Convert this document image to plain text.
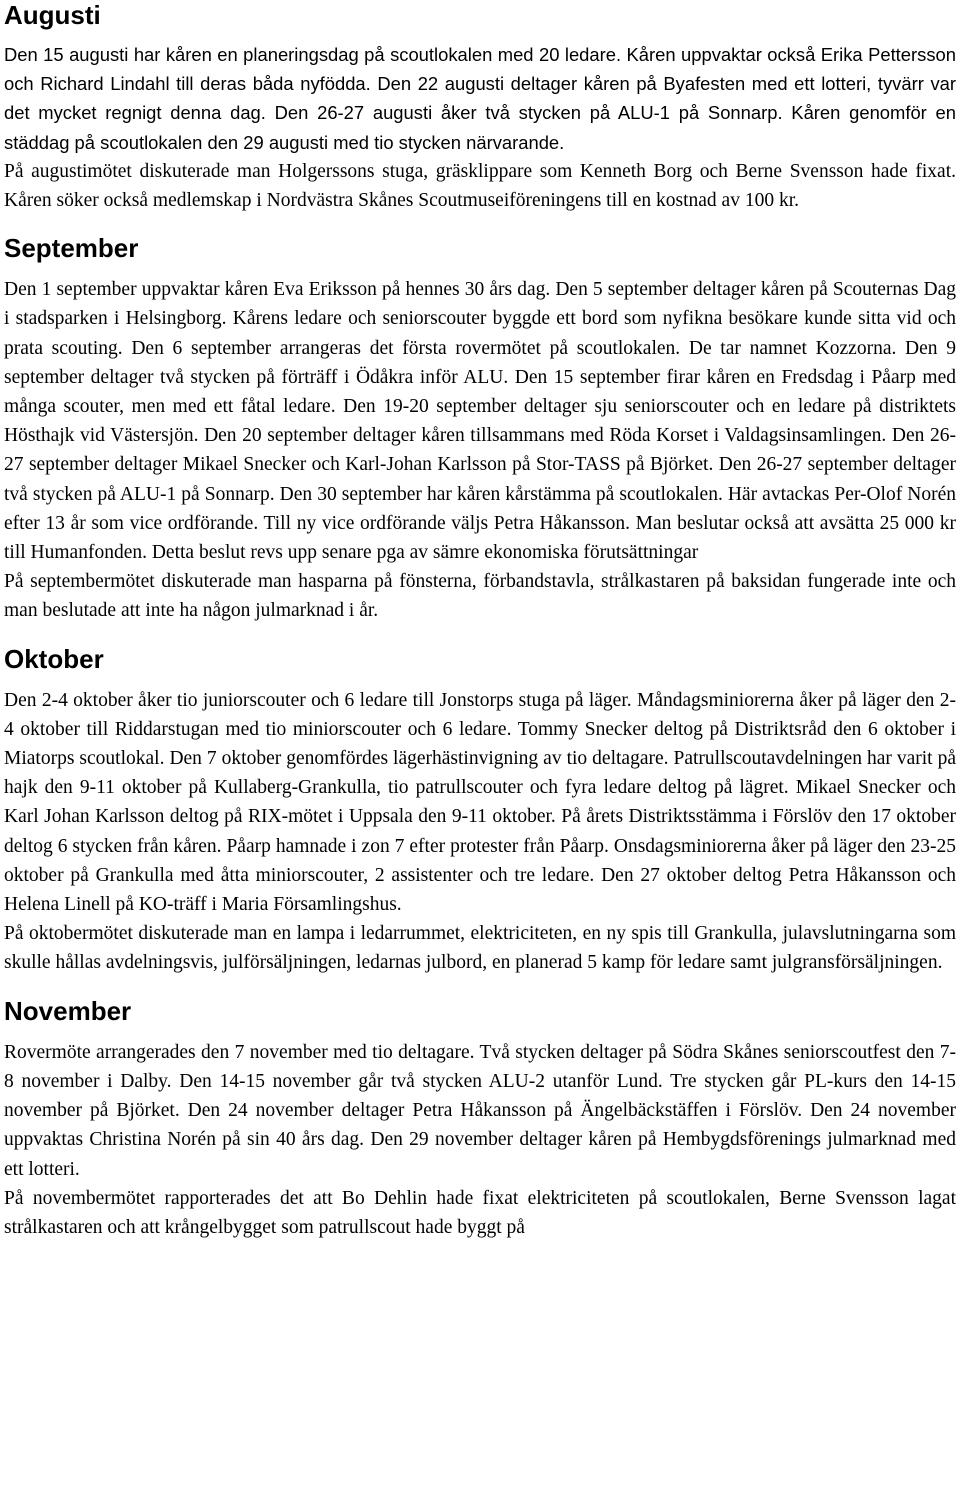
Augusti

Den 15 augusti har kåren en planeringsdag på scoutlokalen med 20 ledare. Kåren uppvaktar också Erika Pettersson och Richard Lindahl till deras båda nyfödda. Den 22 augusti deltager kåren på Byafesten med ett lotteri, tyvärr var det mycket regnigt denna dag. Den 26-27 augusti åker två stycken på ALU-1 på Sonnarp. Kåren genomför en städdag på scoutlokalen den 29 augusti med tio stycken närvarande.

På augustimötet diskuterade man Holgerssons stuga, gräsklippare som Kenneth Borg och Berne Svensson hade fixat. Kåren söker också medlemskap i Nordvästra Skånes Scoutmuseiföreningens till en kostnad av 100 kr.

September

Den 1 september uppvaktar kåren Eva Eriksson på hennes 30 års dag. Den 5 september deltager kåren på Scouternas Dag i stadsparken i Helsingborg. Kårens ledare och seniorscouter byggde ett bord som nyfikna besökare kunde sitta vid och prata scouting. Den 6 september arrangeras det första rovermötet på scoutlokalen. De tar namnet Kozzorna. Den 9 september deltager två stycken på förträff i Ödåkra inför ALU. Den 15 september firar kåren en Fredsdag i Påarp med många scouter, men med ett fåtal ledare. Den 19-20 september deltager sju seniorscouter och en ledare på distriktets Hösthajk vid Västersjön. Den 20 september deltager kåren tillsammans med Röda Korset i Valdagsinsamlingen. Den 26-27 september deltager Mikael Snecker och Karl-Johan Karlsson på Stor-TASS på Björket. Den 26-27 september deltager två stycken på ALU-1 på Sonnarp. Den 30 september har kåren kårstämma på scoutlokalen. Här avtackas Per-Olof Norén efter 13 år som vice ordförande. Till ny vice ordförande väljs Petra Håkansson. Man beslutar också att avsätta 25 000 kr till Humanfonden. Detta beslut revs upp senare pga av sämre ekonomiska förutsättningar

På septembermötet diskuterade man hasparna på fönsterna, förbandstavla, strålkastaren på baksidan fungerade inte och man beslutade att inte ha någon julmarknad i år.

Oktober

Den 2-4 oktober åker tio juniorscouter och 6 ledare till Jonstorps stuga på läger. Måndagsminiorerna åker på läger den 2-4 oktober till Riddarstugan med tio miniorscouter och 6 ledare. Tommy Snecker deltog på Distriktsråd den 6 oktober i Miatorps scoutlokal. Den 7 oktober genomfördes lägerhästinvigning av tio deltagare. Patrullscoutavdelningen har varit på hajk den 9-11 oktober på Kullaberg-Grankulla, tio patrullscouter och fyra ledare deltog på lägret. Mikael Snecker och Karl Johan Karlsson deltog på RIX-mötet i Uppsala den 9-11 oktober. På årets Distriktsstämma i Förslöv den 17 oktober deltog 6 stycken från kåren. Påarp hamnade i zon 7 efter protester från Påarp. Onsdagsminiorerna åker på läger den 23-25 oktober på Grankulla med åtta miniorscouter, 2 assistenter och tre ledare. Den 27 oktober deltog Petra Håkansson och Helena Linell på KO-träff i Maria Församlingshus.

På oktobermötet diskuterade man en lampa i ledarrummet, elektriciteten, en ny spis till Grankulla, julavslutningarna som skulle hållas avdelningsvis, julförsäljningen, ledarnas julbord, en planerad 5 kamp för ledare samt julgransförsäljningen.

November

Rovermöte arrangerades den 7 november med tio deltagare. Två stycken deltager på Södra Skånes seniorscoutfest den 7-8 november i Dalby. Den 14-15 november går två stycken ALU-2 utanför Lund. Tre stycken går PL-kurs den 14-15 november på Björket. Den 24 november deltager Petra Håkansson på Ängelbäckstäffen i Förslöv. Den 24 november uppvaktas Christina Norén på sin 40 års dag. Den 29 november deltager kåren på Hembygdsförenings julmarknad med ett lotteri.

På novembermötet rapporterades det att Bo Dehlin hade fixat elektriciteten på scoutlokalen, Berne Svensson lagat strålkastaren och att krångelbygget som patrullscout hade byggt på
